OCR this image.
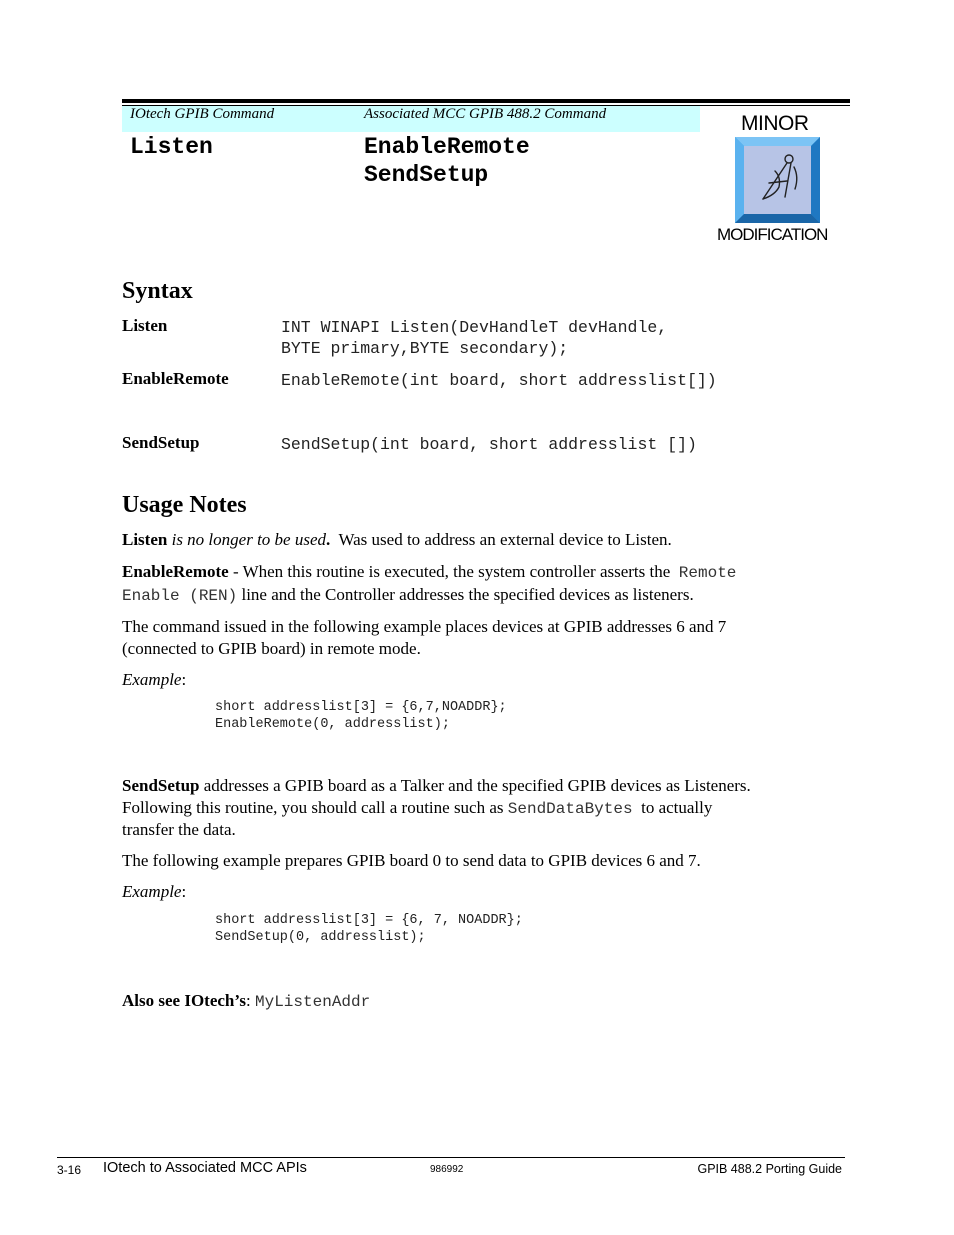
IOtech GPIB Command	Associated MCC GPIB 488.2 Command
Listen	EnableRemote
SendSetup
MINOR
MODIFICATION
Syntax
Listen	INT WINAPI Listen(DevHandleT devHandle,
BYTE primary,BYTE secondary);
EnableRemote	EnableRemote(int board, short addresslist[])
SendSetup	SendSetup(int board, short addresslist [])
Usage Notes
Listen is no longer to be used.  Was used to address an external device to Listen.
EnableRemote - When this routine is executed, the system controller asserts the  Remote
Enable (REN) line and the Controller addresses the specified devices as listeners.
The command issued in the following example places devices at GPIB addresses 6 and 7
(connected to GPIB board) in remote mode.
Example:
short addresslist[3] = {6,7,NOADDR};
EnableRemote(0, addresslist);
SendSetup addresses a GPIB board as a Talker and the specified GPIB devices as Listeners.
Following this routine, you should call a routine such as SendDataBytes  to actually
transfer the data.
The following example prepares GPIB board 0 to send data to GPIB devices 6 and 7.
Example:
short addresslist[3] = {6, 7, NOADDR};
SendSetup(0, addresslist);
Also see IOtech’s: MyListenAddr
3-16 IOtech to Associated MCC APIs	986992	GPIB 488.2 Porting Guide
